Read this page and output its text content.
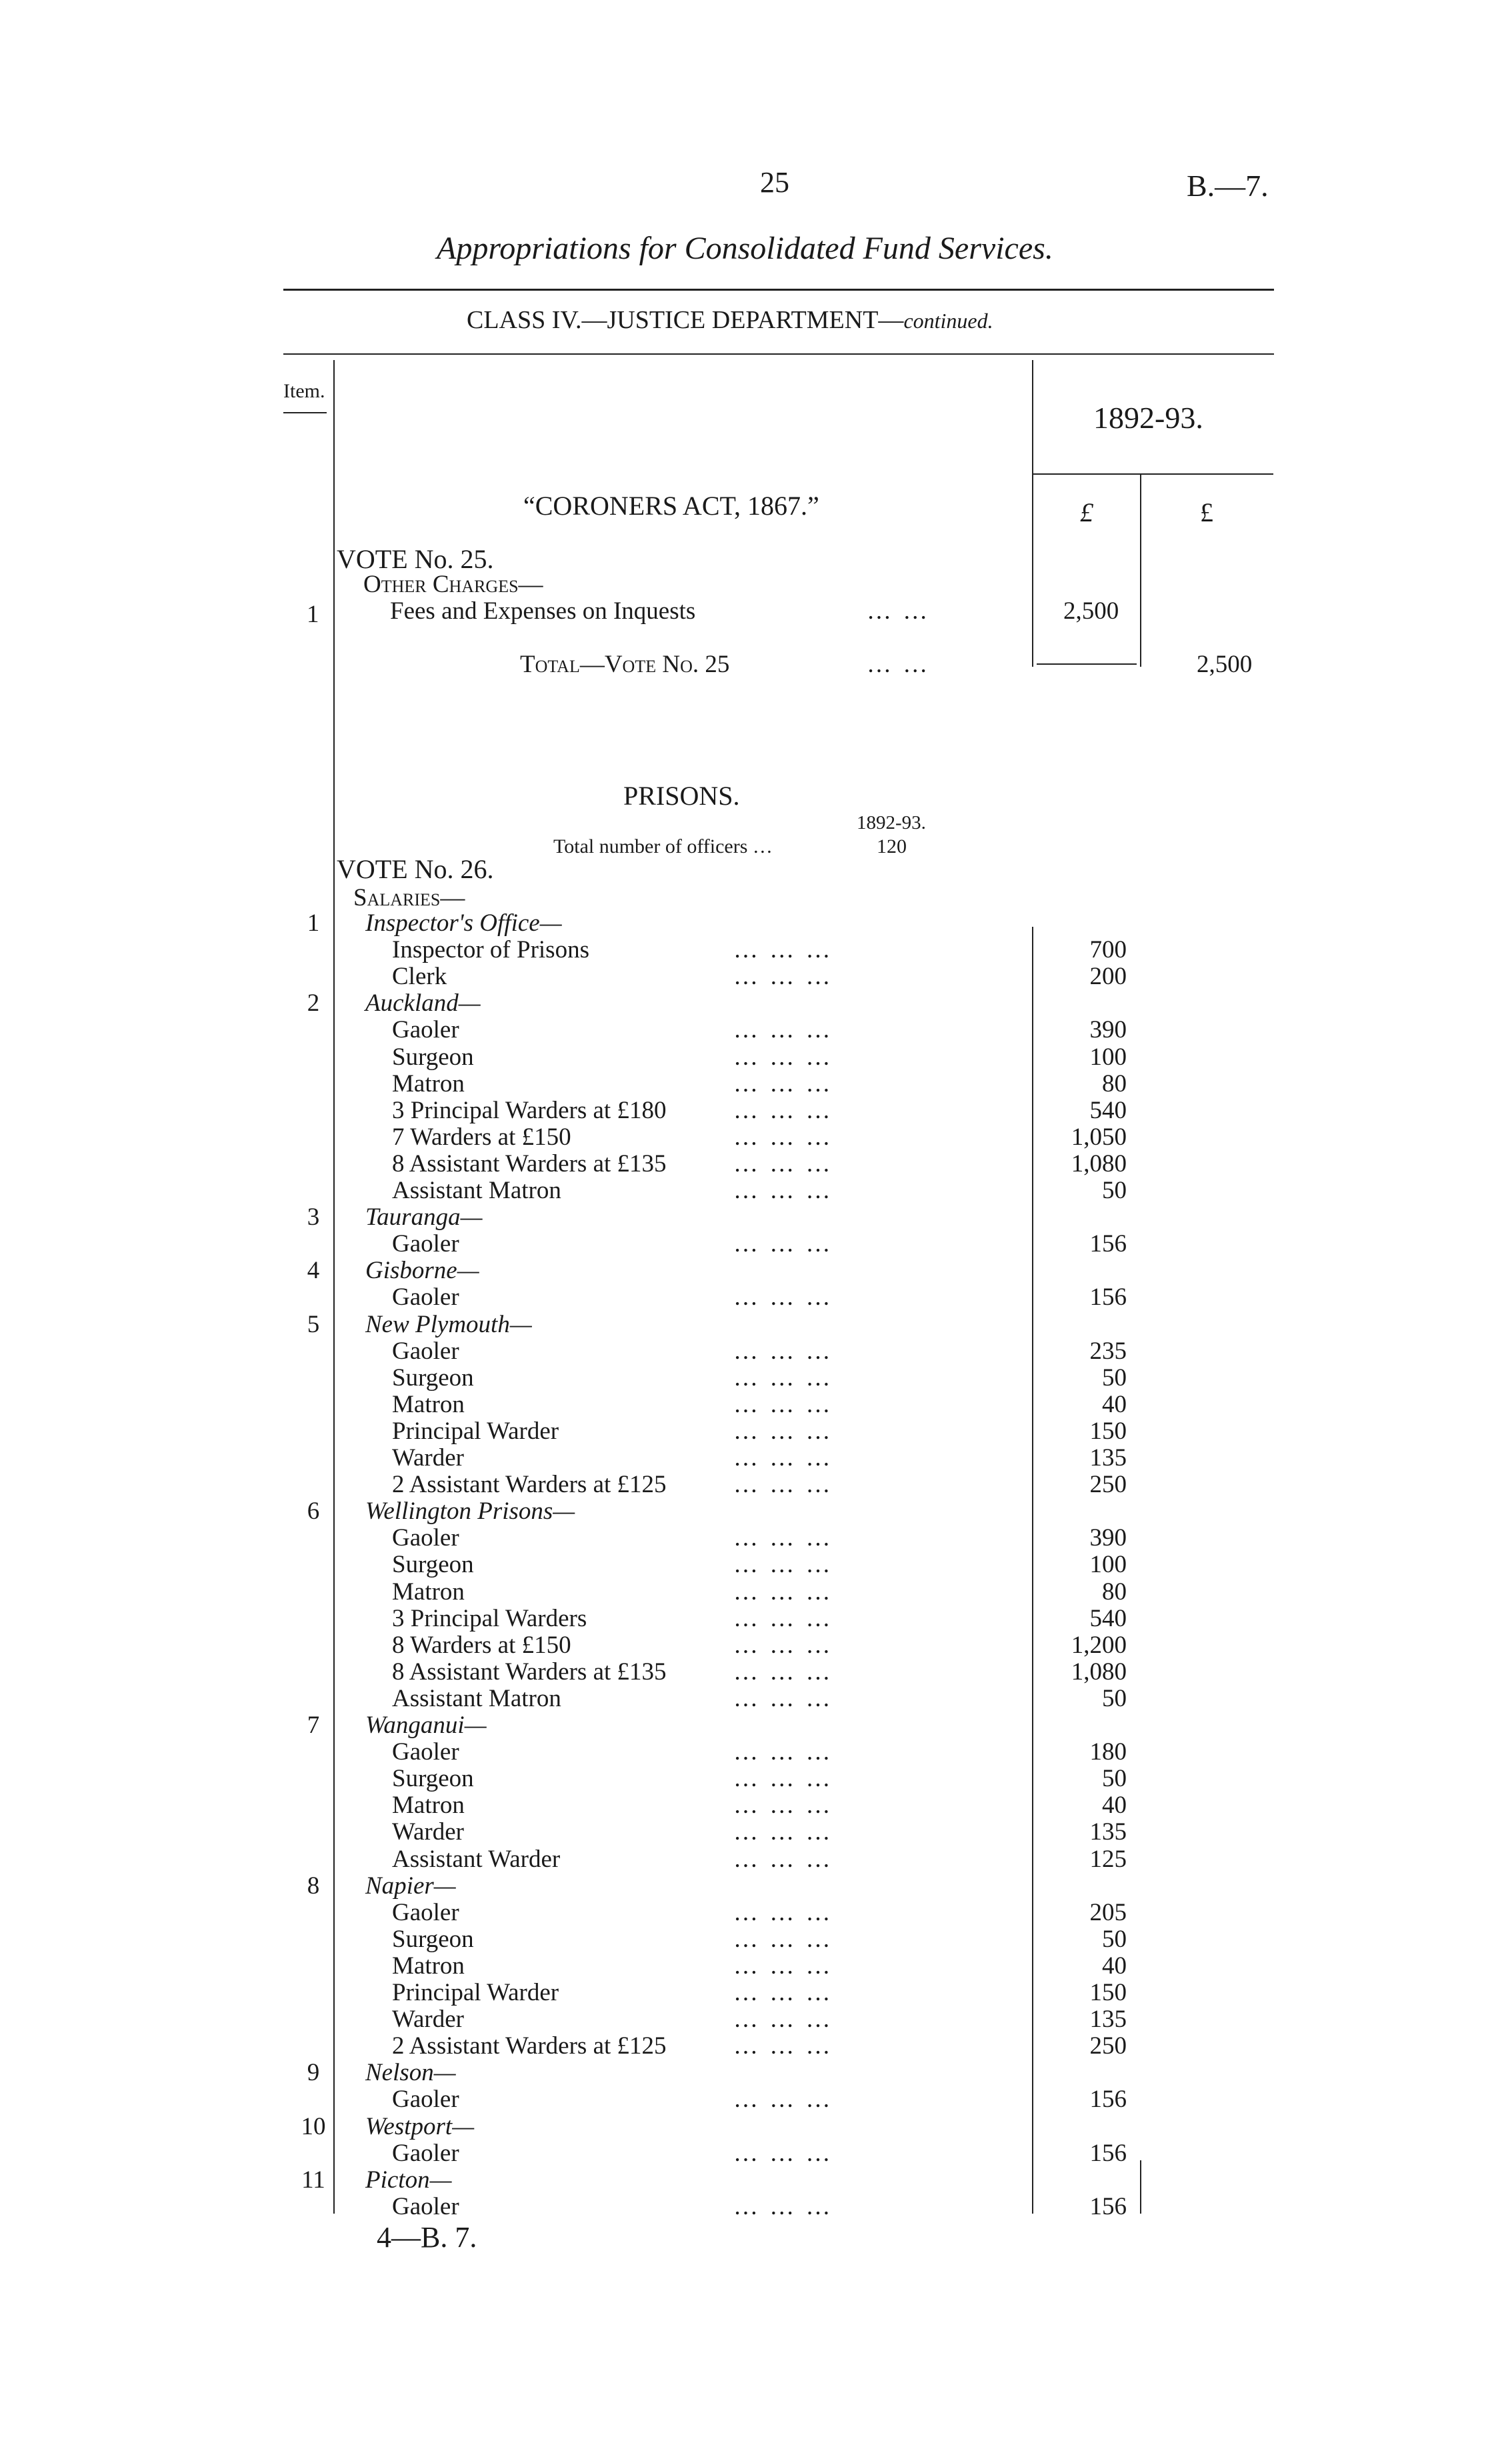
25	B.—7.
Appropriations for Consolidated Fund Services.
CLASS IV.—JUSTICE DEPARTMENT—continued.
Item.
1892-93.
£	£
“CORONERS ACT, 1867.”
VOTE No. 25.
Other Charges—
1	Fees and Expenses on Inquests	… …	2,500
Total—Vote No. 25	… …	2,500
PRISONS.
1892-93.
Total number of officers …	120
VOTE No. 26.
Salaries—
1	Inspector's Office—
Inspector of Prisons	… … …	700
Clerk	… … …	200
2	Auckland—
Gaoler	… … …	390
Surgeon	… … …	100
Matron	… … …	80
3 Principal Warders at £180	… … …	540
7 Warders at £150	… … …	1,050
8 Assistant Warders at £135	… … …	1,080
Assistant Matron	… … …	50
3	Tauranga—
Gaoler	… … …	156
4	Gisborne—
Gaoler	… … …	156
5	New Plymouth—
Gaoler	… … …	235
Surgeon	… … …	50
Matron	… … …	40
Principal Warder	… … …	150
Warder	… … …	135
2 Assistant Warders at £125	… … …	250
6	Wellington Prisons—
Gaoler	… … …	390
Surgeon	… … …	100
Matron	… … …	80
3 Principal Warders	… … …	540
8 Warders at £150	… … …	1,200
8 Assistant Warders at £135	… … …	1,080
Assistant Matron	… … …	50
7	Wanganui—
Gaoler	… … …	180
Surgeon	… … …	50
Matron	… … …	40
Warder	… … …	135
Assistant Warder	… … …	125
8	Napier—
Gaoler	… … …	205
Surgeon	… … …	50
Matron	… … …	40
Principal Warder	… … …	150
Warder	… … …	135
2 Assistant Warders at £125	… … …	250
9	Nelson—
Gaoler	… … …	156
10	Westport—
Gaoler	… … …	156
11	Picton—
Gaoler	… … …	156
4—B. 7.
